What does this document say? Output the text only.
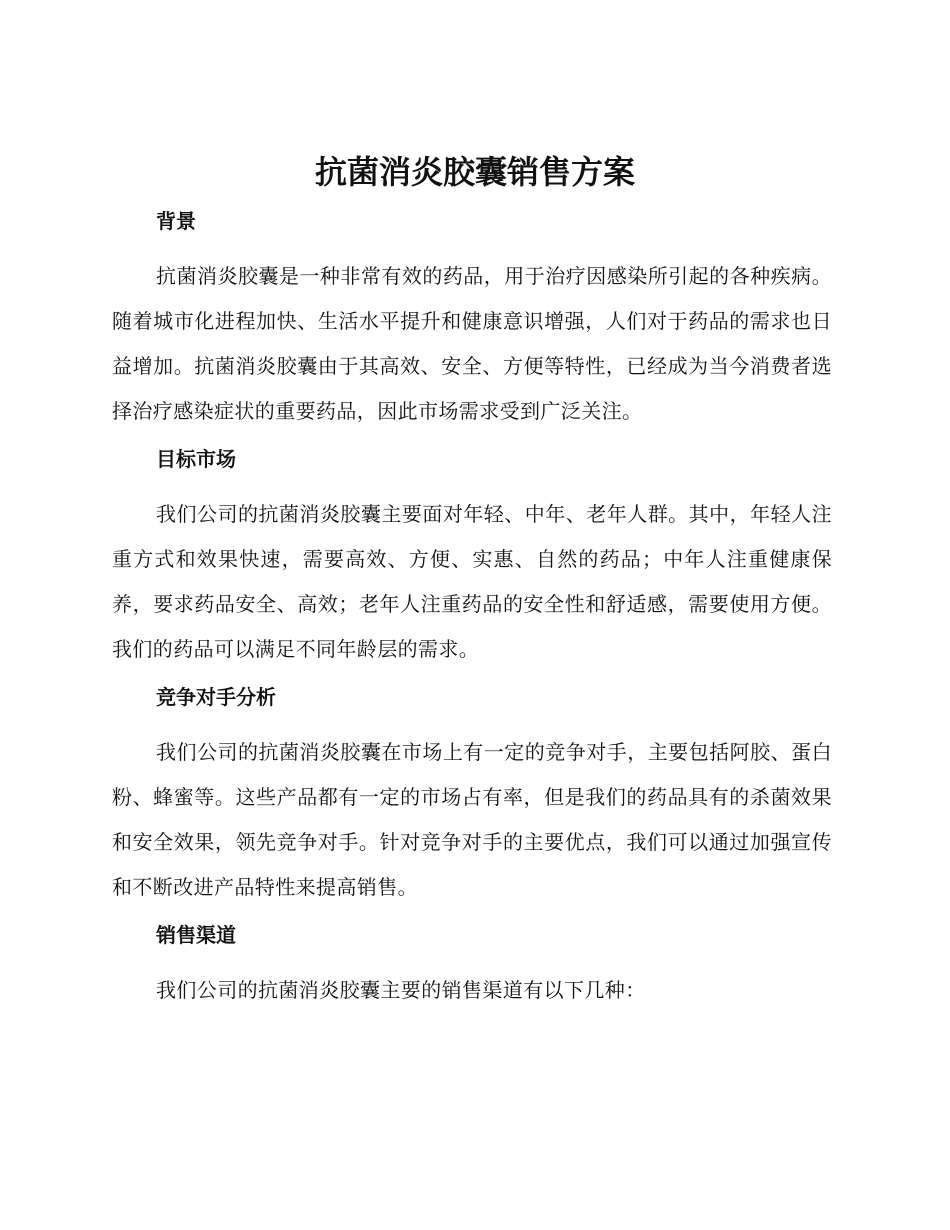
抗菌消炎胶囊销售方案
背景

抗菌消炎胶囊是一种非常有效的药品，用于治疗因感染所引起的各种疾病。随着城市化进程加快、生活水平提升和健康意识增强，人们对于药品的需求也日益增加。抗菌消炎胶囊由于其高效、安全、方便等特性，已经成为当今消费者选择治疗感染症状的重要药品，因此市场需求受到广泛关注。

目标市场

我们公司的抗菌消炎胶囊主要面对年轻、中年、老年人群。其中，年轻人注重方式和效果快速，需要高效、方便、实惠、自然的药品；中年人注重健康保养，要求药品安全、高效；老年人注重药品的安全性和舒适感，需要使用方便。我们的药品可以满足不同年龄层的需求。

竞争对手分析

我们公司的抗菌消炎胶囊在市场上有一定的竞争对手，主要包括阿胶、蛋白粉、蜂蜜等。这些产品都有一定的市场占有率，但是我们的药品具有的杀菌效果和安全效果，领先竞争对手。针对竞争对手的主要优点，我们可以通过加强宣传和不断改进产品特性来提高销售。

销售渠道

我们公司的抗菌消炎胶囊主要的销售渠道有以下几种：
